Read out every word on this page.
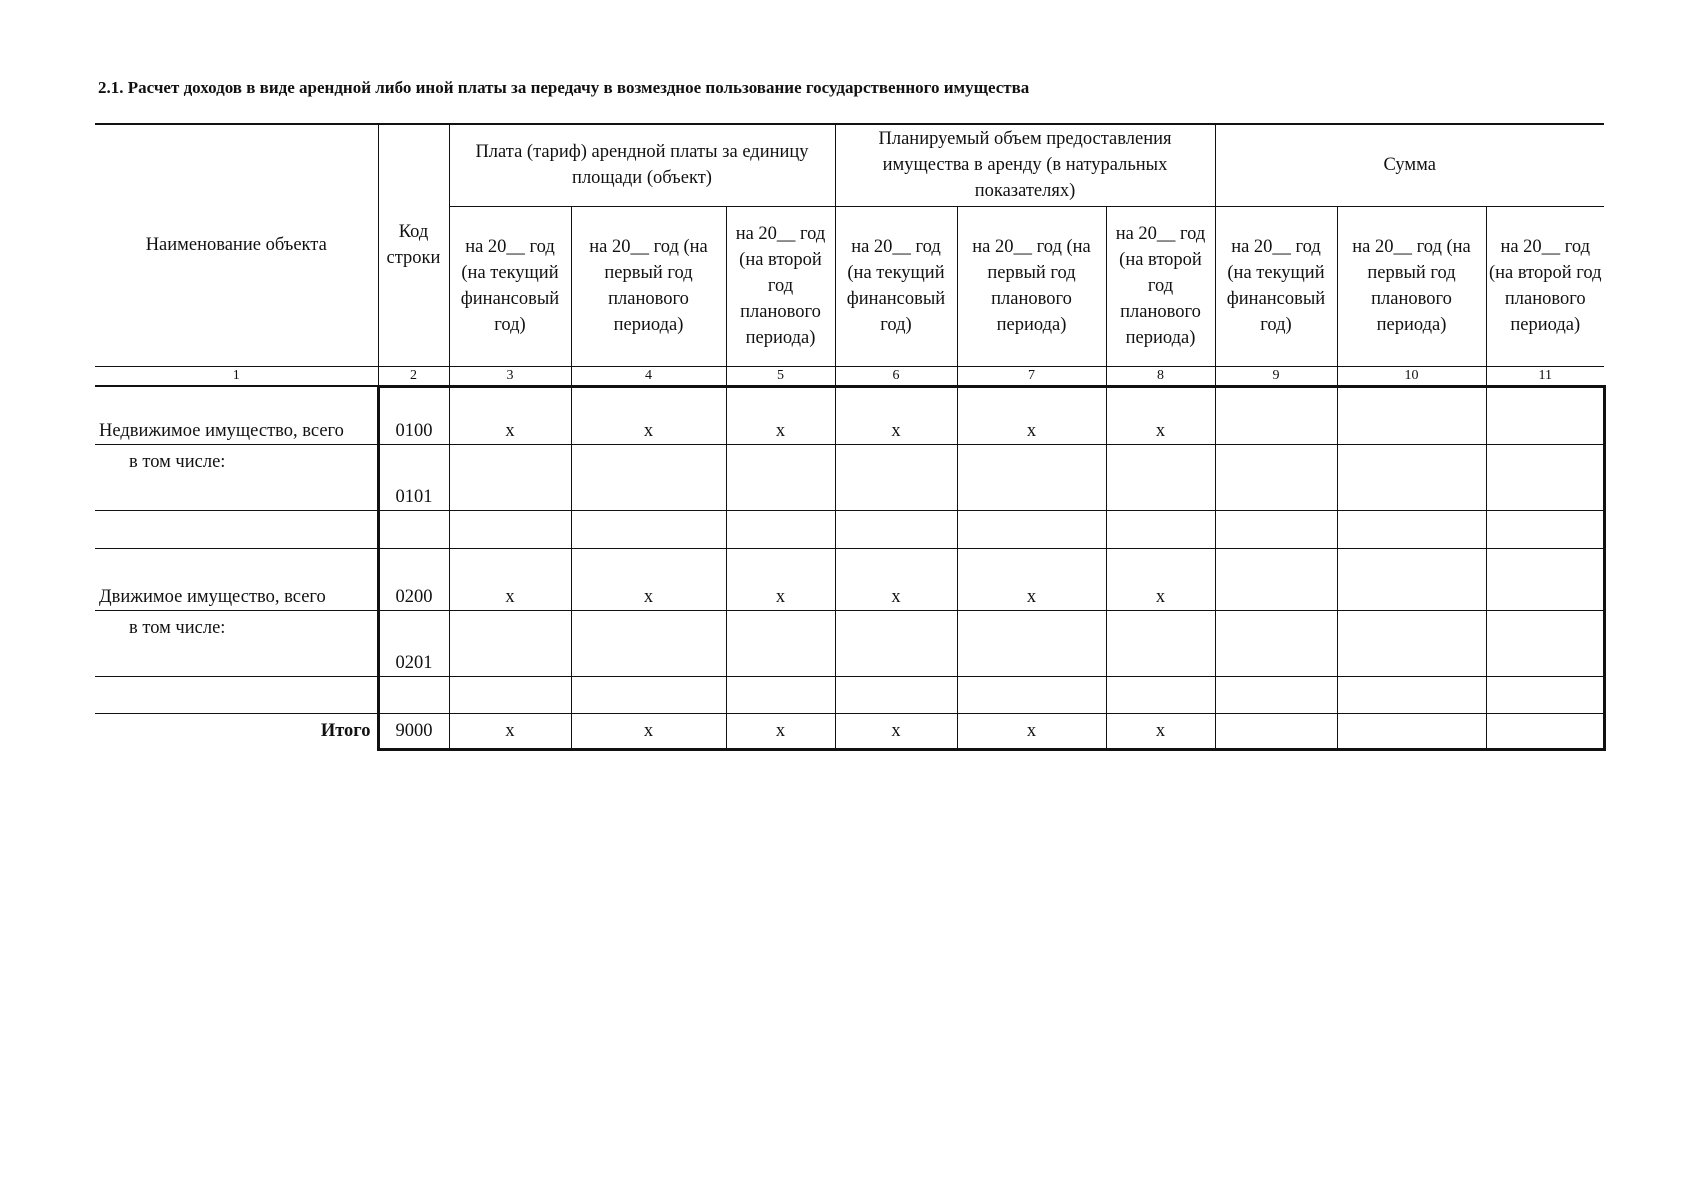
2.1. Расчет доходов в виде арендной либо иной платы за передачу в возмездное пользование государственного имущества
Наименование объекта	Код строки	Плата (тариф) арендной платы за единицу площади (объект)			Планируемый объем предоставления имущества в аренду (в натуральных показателях)			Сумма		
		на 20__ год (на текущий финансовый год)	на 20__ год (на первый год планового периода)	на 20__ год (на второй год планового периода)	на 20__ год (на текущий финансовый год)	на 20__ год (на первый год планового периода)	на 20__ год (на второй год планового периода)	на 20__ год (на текущий финансовый год)	на 20__ год (на первый год планового периода)	на 20__ год (на второй год планового периода)
1	2	3	4	5	6	7	8	9	10	11
Недвижимое имущество, всего	0100	x	x	x	x	x	x			
в том числе:	0101									

Движимое имущество, всего	0200	x	x	x	x	x	x			
в том числе:	0201									

Итого	9000	x	x	x	x	x	x			
